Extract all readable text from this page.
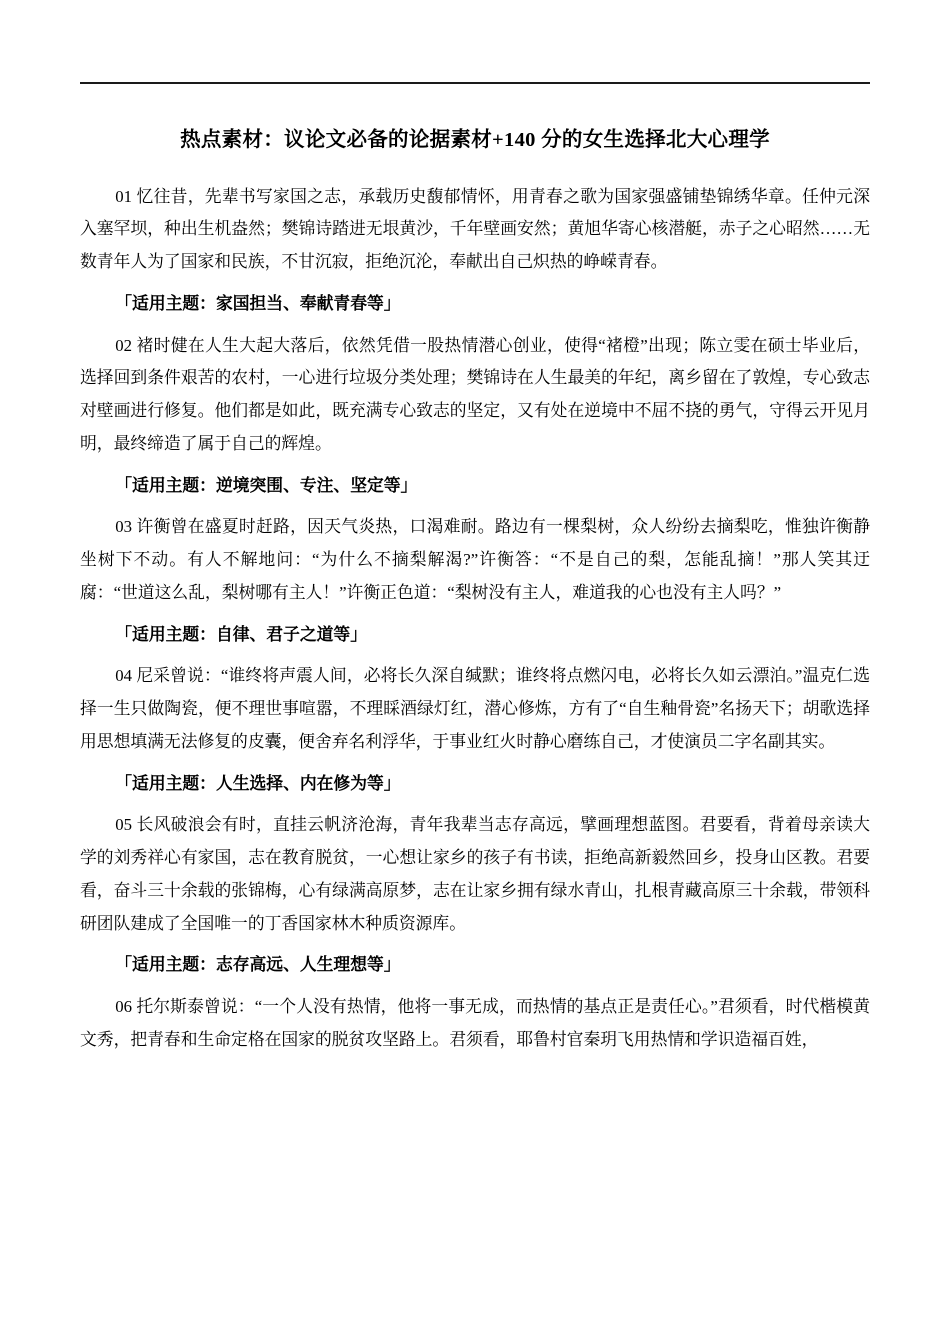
热点素材：议论文必备的论据素材+140 分的女生选择北大心理学
01 忆往昔，先辈书写家国之志，承载历史馥郁情怀，用青春之歌为国家强盛铺垫锦绣华章。任仲元深入塞罕坝，种出生机盎然；樊锦诗踏进无垠黄沙，千年壁画安然；黄旭华寄心核潜艇，赤子之心昭然……无数青年人为了国家和民族，不甘沉寂，拒绝沉沦，奉献出自己炽热的峥嵘青春。
「适用主题：家国担当、奉献青春等」
02 褚时健在人生大起大落后，依然凭借一股热情潜心创业，使得“褚橙”出现；陈立雯在硕士毕业后，选择回到条件艰苦的农村，一心进行垃圾分类处理；樊锦诗在人生最美的年纪，离乡留在了敦煌，专心致志对壁画进行修复。他们都是如此，既充满专心致志的坚定，又有处在逆境中不屈不挠的勇气，守得云开见月明，最终缔造了属于自己的辉煌。
「适用主题：逆境突围、专注、坚定等」
03 许衡曾在盛夏时赶路，因天气炎热，口渴难耐。路边有一棵梨树，众人纷纷去摘梨吃，惟独许衡静坐树下不动。有人不解地问：“为什么不摘梨解渴?”许衡答：“不是自己的梨，怎能乱摘！”那人笑其迂腐：“世道这么乱，梨树哪有主人！”许衡正色道：“梨树没有主人，难道我的心也没有主人吗？”
「适用主题：自律、君子之道等」
04 尼采曾说：“谁终将声震人间，必将长久深自缄默；谁终将点燃闪电，必将长久如云漂泊。”温克仁选择一生只做陶瓷，便不理世事喧嚣，不理睬酒绿灯红，潜心修炼，方有了“自生釉骨瓷”名扬天下；胡歌选择用思想填满无法修复的皮囊，便舍弃名利浮华，于事业红火时静心磨练自己，才使演员二字名副其实。
「适用主题：人生选择、内在修为等」
05 长风破浪会有时，直挂云帆济沧海，青年我辈当志存高远，擘画理想蓝图。君要看，背着母亲读大学的刘秀祥心有家国，志在教育脱贫，一心想让家乡的孩子有书读，拒绝高新毅然回乡，投身山区教。君要看，奋斗三十余载的张锦梅，心有绿满高原梦，志在让家乡拥有绿水青山，扎根青藏高原三十余载，带领科研团队建成了全国唯一的丁香国家林木种质资源库。
「适用主题：志存高远、人生理想等」
06 托尔斯泰曾说：“一个人没有热情，他将一事无成，而热情的基点正是责任心。”君须看，时代楷模黄文秀，把青春和生命定格在国家的脱贫攻坚路上。君须看，耶鲁村官秦玥飞用热情和学识造福百姓，
